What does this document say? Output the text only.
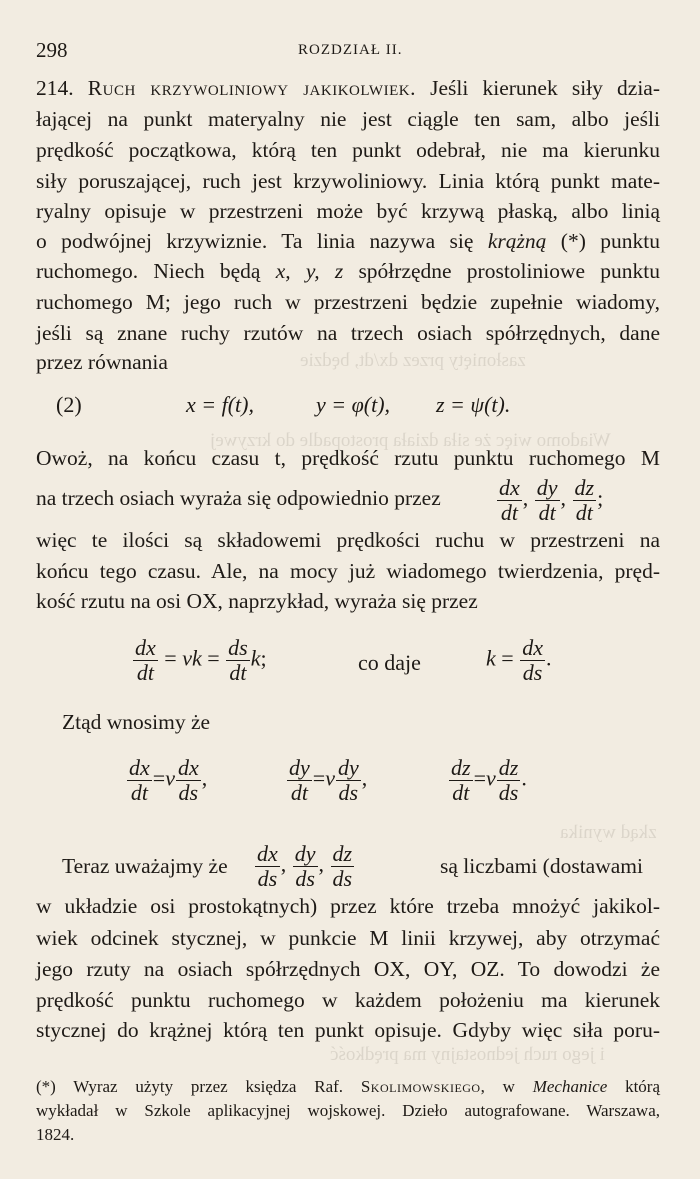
zasłonięty przez dx/dt, będzie
Wiadomo więc że siła działa prostopadle do krzywej
zkąd wynika
i jego ruch jednostajny ma prędkość
298	ROZDZIAŁ II.
214. Ruch krzywoliniowy jakikolwiek. Jeśli kierunek siły dzia-
łającej na punkt materyalny nie jest ciągle ten sam, albo jeśli
prędkość początkowa, którą ten punkt odebrał, nie ma kierunku
siły poruszającej, ruch jest krzywoliniowy. Linia którą punkt mate-
ryalny opisuje w przestrzeni może być krzywą płaską, albo linią
o podwójnej krzywiznie. Ta linia nazywa się krążną (*) punktu
ruchomego. Niech będą x, y, z spółrzędne prostoliniowe punktu
ruchomego M; jego ruch w przestrzeni będzie zupełnie wiadomy,
jeśli są znane ruchy rzutów na trzech osiach spółrzędnych, dane
przez równania
(2)	x = f(t),	y = φ(t), z = ψ(t).
Owoż, na końcu czasu t, prędkość rzutu punktu ruchomego M
na trzech osiach wyraża się odpowiednio przez	$\frac{dx}{dt}$ , $\frac{dy}{dt}$ , $\frac{dz}{dt}$ ;
więc te ilości są składowemi prędkości ruchu w przestrzeni na
końcu tego czasu. Ale, na mocy już wiadomego twierdzenia, pręd-
kość rzutu na osi OX, naprzykład, wyraża się przez
$\frac{dx}{dt}$ = vk = $\frac{ds}{dt} k$;	co daje	$k = \frac{dx}{ds}$ .
Ztąd wnosimy że
$\frac{dx}{dt} =v \frac{dx}{ds}$ ,	$\frac{dy}{dt} =v \frac{dy}{ds}$ ,	$\frac{dz}{dt} =v \frac{dz}{ds}$ .
Teraz uważajmy że $\frac{dx}{ds}$ , $\frac{dy}{ds}$ , $\frac{dz}{ds}$	są liczbami (dostawami
w układzie osi prostokątnych) przez które trzeba mnożyć jakikol-
wiek odcinek stycznej, w punkcie M linii krzywej, aby otrzymać
jego rzuty na osiach spółrzędnych OX, OY, OZ. To dowodzi że
prędkość punktu ruchomego w każdem położeniu ma kierunek
stycznej do krążnej którą ten punkt opisuje. Gdyby więc siła poru-
(*) Wyraz użyty przez księdza Raf. Skolimowskiego, w Mechanice którą
wykładał w Szkole aplikacyjnej wojskowej. Dzieło autografowane. Warszawa,
1824.
